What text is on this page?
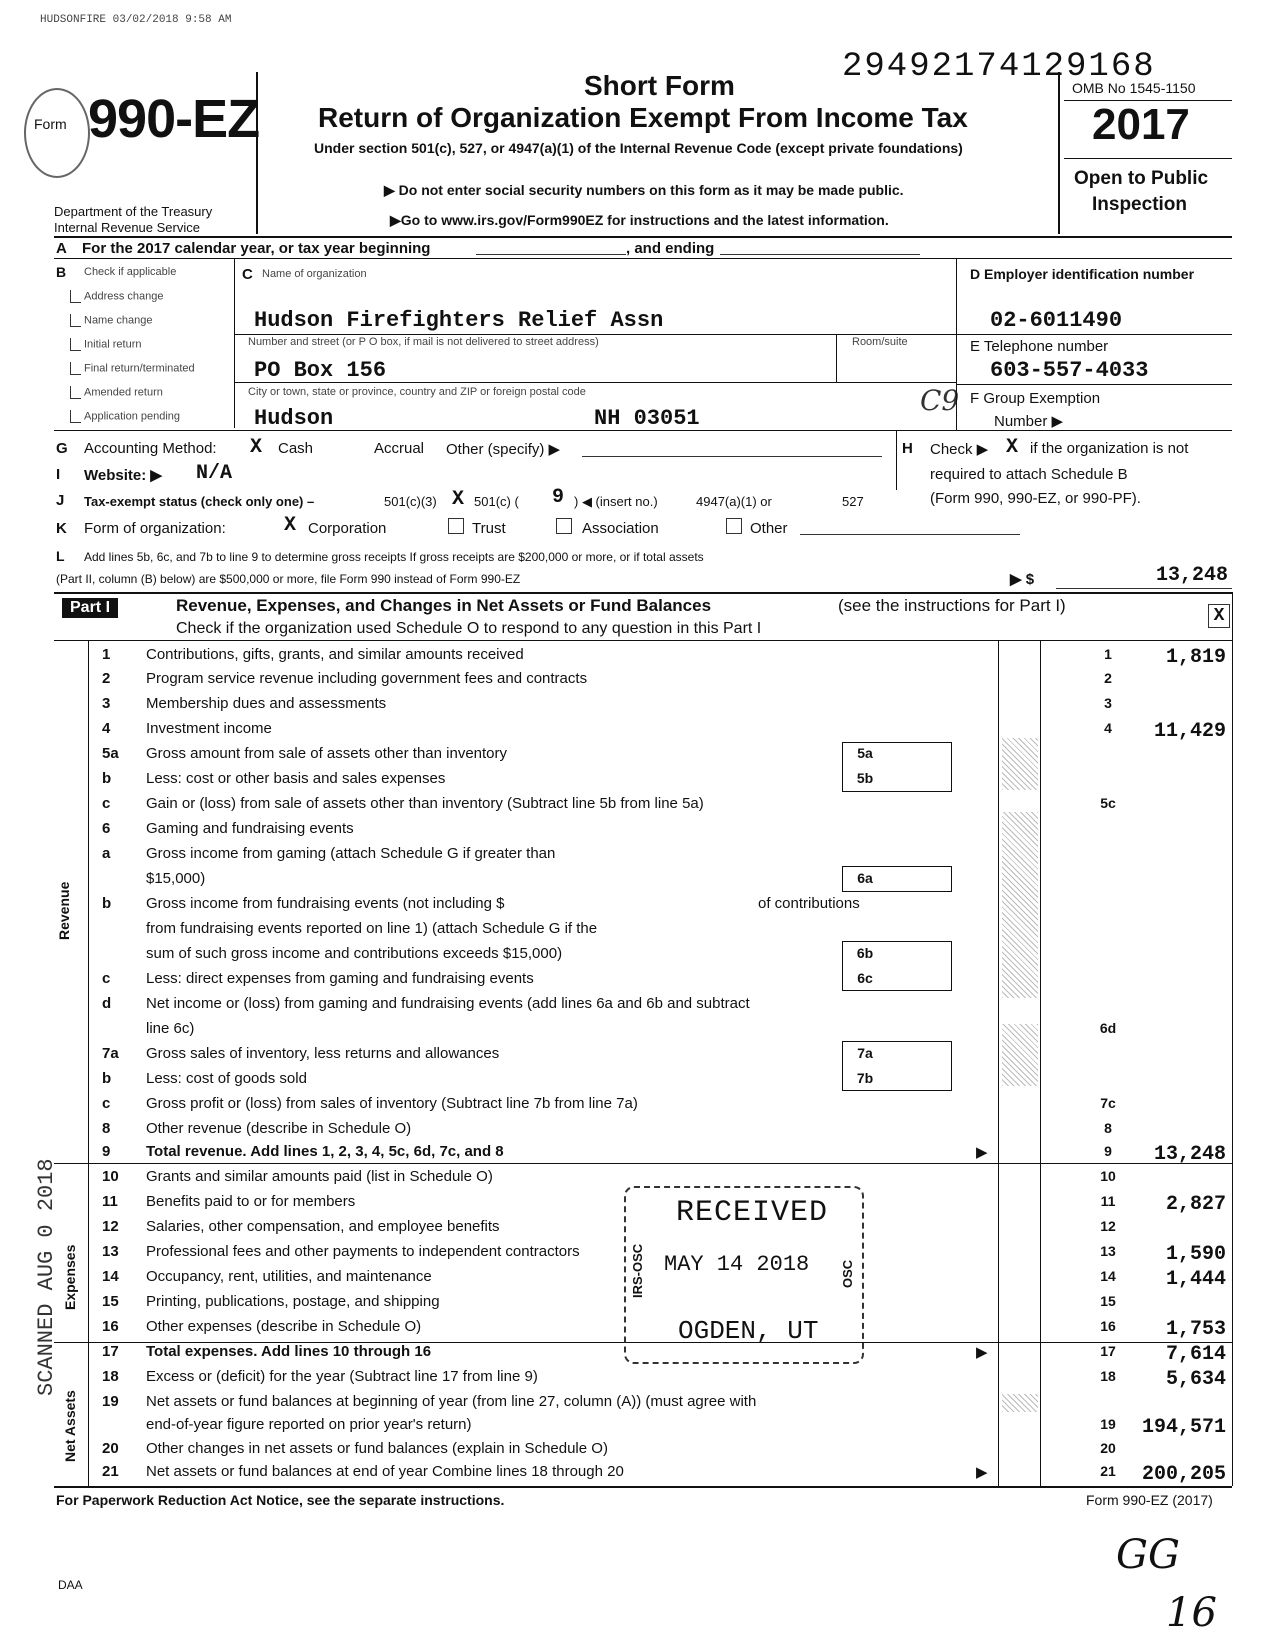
HUDSONFIRE 03/02/2018 9:58 AM
29492174129168
Form 990-EZ
Department of the Treasury
Internal Revenue Service
Short Form
Return of Organization Exempt From Income Tax
Under section 501(c), 527, or 4947(a)(1) of the Internal Revenue Code (except private foundations)
▶ Do not enter social security numbers on this form as it may be made public.
▶Go to www.irs.gov/Form990EZ for instructions and the latest information.
OMB No 1545-1150
2017
Open to Public
Inspection
A For the 2017 calendar year, or tax year beginning	, and ending
B Check if applicable
Address change
Name change
Initial return
Final return/terminated
Amended return
Application pending
C Name of organization
Hudson Firefighters Relief Assn
Number and street (or P O box, if mail is not delivered to street address)	Room/suite
PO Box 156
City or town, state or province, country and ZIP or foreign postal code
Hudson	NH 03051
C9
D Employer identification number
02-6011490
E Telephone number
603-557-4033
F Group Exemption
Number ▶
G Accounting Method: X Cash	Accrual Other (specify) ▶	H Check ▶ X if the organization is not
required to attach Schedule B
(Form 990, 990-EZ, or 990-PF).
I Website: ▶ N/A
J Tax-exempt status (check only one) –	501(c)(3) X 501(c) ( 9 ) ◀ (insert no.)	4947(a)(1) or	527
K Form of organization:	X Corporation	Trust	Association	Other
L Add lines 5b, 6c, and 7b to line 9 to determine gross receipts If gross receipts are $200,000 or more, or if total assets
(Part II, column (B) below) are $500,000 or more, file Form 990 instead of Form 990-EZ	▶ $	13,248
Part I	Revenue, Expenses, and Changes in Net Assets or Fund Balances	(see the instructions for Part I)
Check if the organization used Schedule O to respond to any question in this Part I
X
Revenue
Expenses
Net Assets
1	Contributions, gifts, grants, and similar amounts received	1	1,819
2	Program service revenue including government fees and contracts	2
3	Membership dues and assessments	3
4	Investment income	4	11,429
5a	Gross amount from sale of assets other than inventory	5a
b	Less: cost or other basis and sales expenses	5b
c	Gain or (loss) from sale of assets other than inventory (Subtract line 5b from line 5a)	5c
6	Gaming and fundraising events
a	Gross income from gaming (attach Schedule G if greater than
$15,000)	6a
b	Gross income from fundraising events (not including $	of contributions
from fundraising events reported on line 1) (attach Schedule G if the
sum of such gross income and contributions exceeds $15,000)	6b
c	Less: direct expenses from gaming and fundraising events	6c
d	Net income or (loss) from gaming and fundraising events (add lines 6a and 6b and subtract
line 6c)	6d
7a	Gross sales of inventory, less returns and allowances	7a
b	Less: cost of goods sold	7b
c	Gross profit or (loss) from sales of inventory (Subtract line 7b from line 7a)	7c
8	Other revenue (describe in Schedule O)	8
9	Total revenue. Add lines 1, 2, 3, 4, 5c, 6d, 7c, and 8	▶	9	13,248
10	Grants and similar amounts paid (list in Schedule O)	10
11	Benefits paid to or for members	11	2,827
12	Salaries, other compensation, and employee benefits	12
13	Professional fees and other payments to independent contractors	13	1,590
14	Occupancy, rent, utilities, and maintenance	14	1,444
15	Printing, publications, postage, and shipping	15
16	Other expenses (describe in Schedule O)	16	1,753
17	Total expenses. Add lines 10 through 16	▶	17	7,614
18	Excess or (deficit) for the year (Subtract line 17 from line 9)	18	5,634
19	Net assets or fund balances at beginning of year (from line 27, column (A)) (must agree with
end-of-year figure reported on prior year's return)	19	194,571
20	Other changes in net assets or fund balances (explain in Schedule O)	20
21	Net assets or fund balances at end of year Combine lines 18 through 20	▶	21	200,205
RECEIVED
MAY 14 2018
OGDEN, UT
IRS-OSC	OSC
SCANNED AUG 0 2018
For Paperwork Reduction Act Notice, see the separate instructions.	Form 990-EZ (2017)
GG
DAA
16
